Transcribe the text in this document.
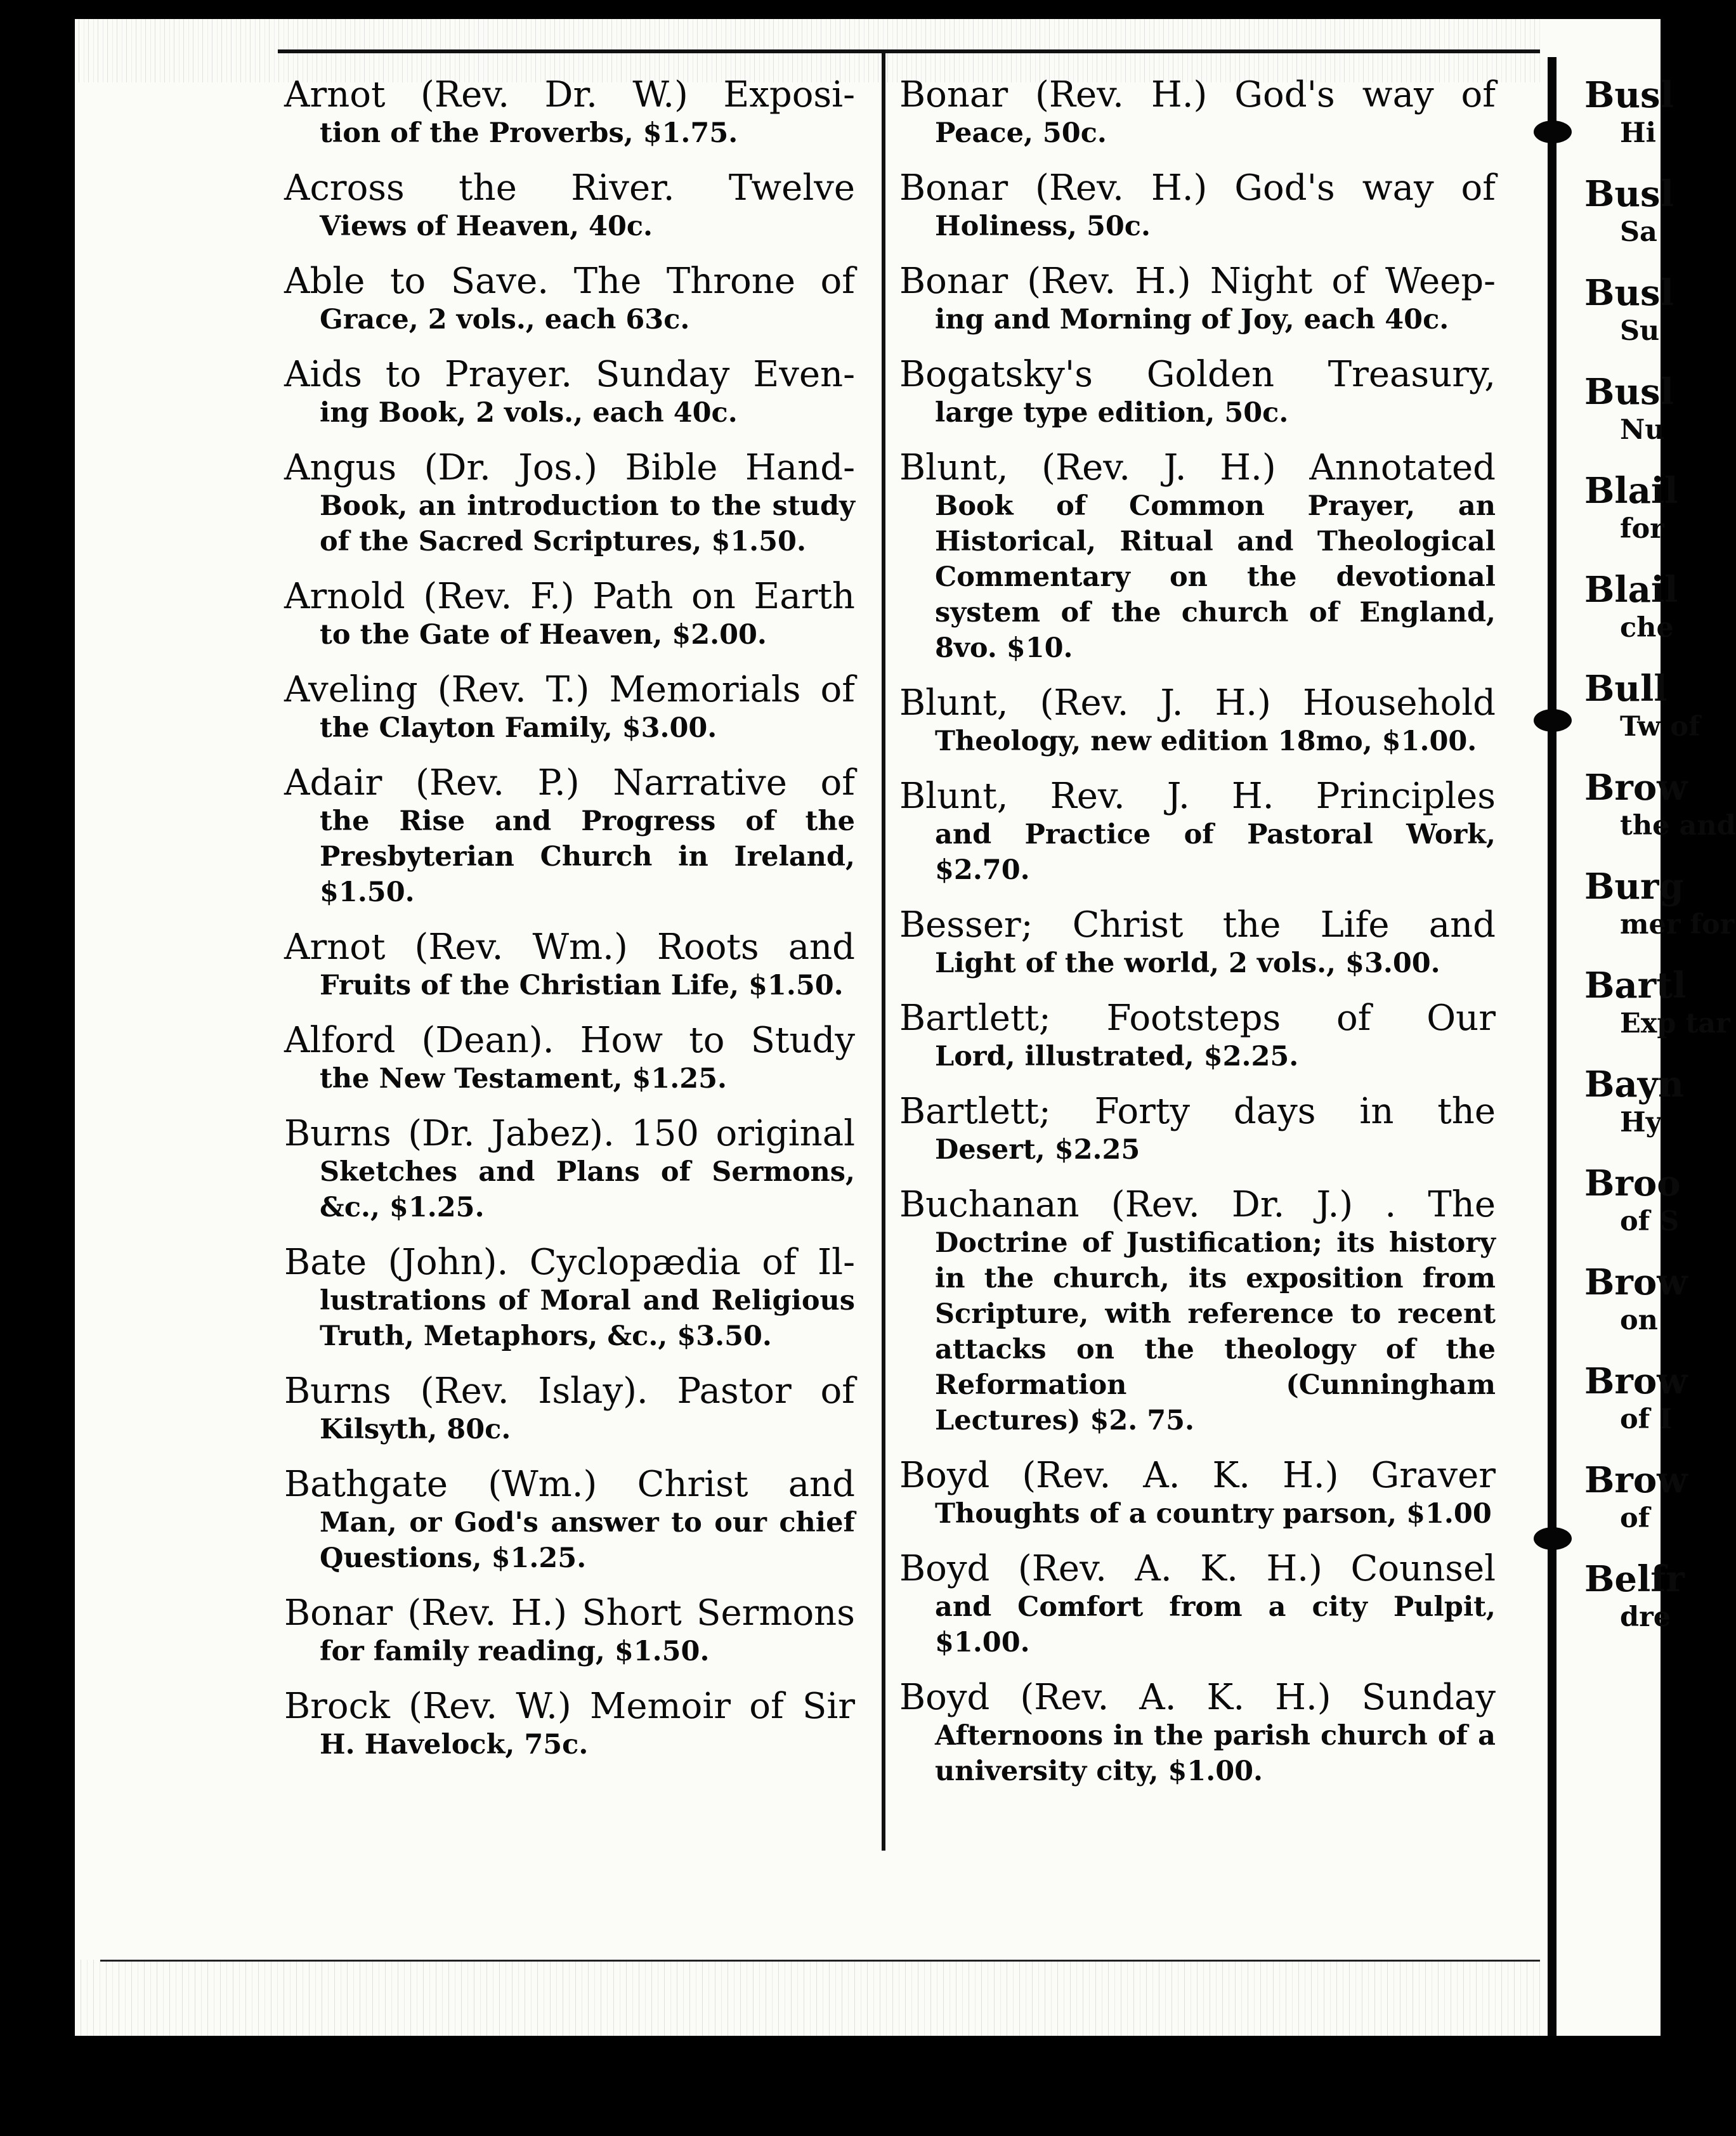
Arnot (Rev. Dr. W.) Exposi-
tion of the Proverbs, $1.75.
Across the River. Twelve
Views of Heaven, 40c.
Able to Save. The Throne of
Grace, 2 vols., each 63c.
Aids to Prayer. Sunday Even-
ing Book, 2 vols., each 40c.
Angus (Dr. Jos.) Bible Hand-
Book, an introduction to the study of the Sacred Scriptures, $1.50.
Arnold (Rev. F.) Path on Earth
to the Gate of Heaven, $2.00.
Aveling (Rev. T.) Memorials of
the Clayton Family, $3.00.
Adair (Rev. P.) Narrative of
the Rise and Progress of the Presbyterian Church in Ireland, $1.50.
Arnot (Rev. Wm.) Roots and
Fruits of the Christian Life, $1.50.
Alford (Dean). How to Study
the New Testament, $1.25.
Burns (Dr. Jabez). 150 original
Sketches and Plans of Sermons, &c., $1.25.
Bate (John). Cyclopædia of Il-
lustrations of Moral and Religious Truth, Metaphors, &c., $3.50.
Burns (Rev. Islay). Pastor of
Kilsyth, 80c.
Bathgate (Wm.) Christ and
Man, or God's answer to our chief Questions, $1.25.
Bonar (Rev. H.) Short Sermons
for family reading, $1.50.
Brock (Rev. W.) Memoir of Sir
H. Havelock, 75c.
Bonar (Rev. H.) God's way of
Peace, 50c.
Bonar (Rev. H.) God's way of
Holiness, 50c.
Bonar (Rev. H.) Night of Weep-
ing and Morning of Joy, each 40c.
Bogatsky's Golden Treasury,
large type edition, 50c.
Blunt, (Rev. J. H.) Annotated
Book of Common Prayer, an Historical, Ritual and Theological Commentary on the devotional system of the church of England, 8vo. $10.
Blunt, (Rev. J. H.) Household
Theology, new edition 18mo, $1.00.
Blunt, Rev. J. H. Principles
and Practice of Pastoral Work, $2.70.
Besser; Christ the Life and
Light of the world, 2 vols., $3.00.
Bartlett; Footsteps of Our
Lord, illustrated, $2.25.
Bartlett; Forty days in the
Desert, $2.25
Buchanan (Rev. Dr. J.) . The
Doctrine of Justification; its history in the church, its exposition from Scripture, with reference to recent attacks on the theology of the Reformation (Cunningham Lectures) $2. 75.
Boyd (Rev. A. K. H.) Graver
Thoughts of a country parson, $1.00
Boyd (Rev. A. K. H.) Counsel
and Comfort from a city Pulpit, $1.00.
Boyd (Rev. A. K. H.) Sunday
Afternoons in the parish church of a university city, $1.00.
Busl
Hi
Busl
Sa
Busl
Su
Busl
Nu
Blail
for
Blail
che
Bull
Tw of
Brow
the and
Burg
mer for
Bartl
Exp tar
Bayn
Hy
Broo
of S
Brow
on
Brow
of I
Brow
of
Belfr
dre
